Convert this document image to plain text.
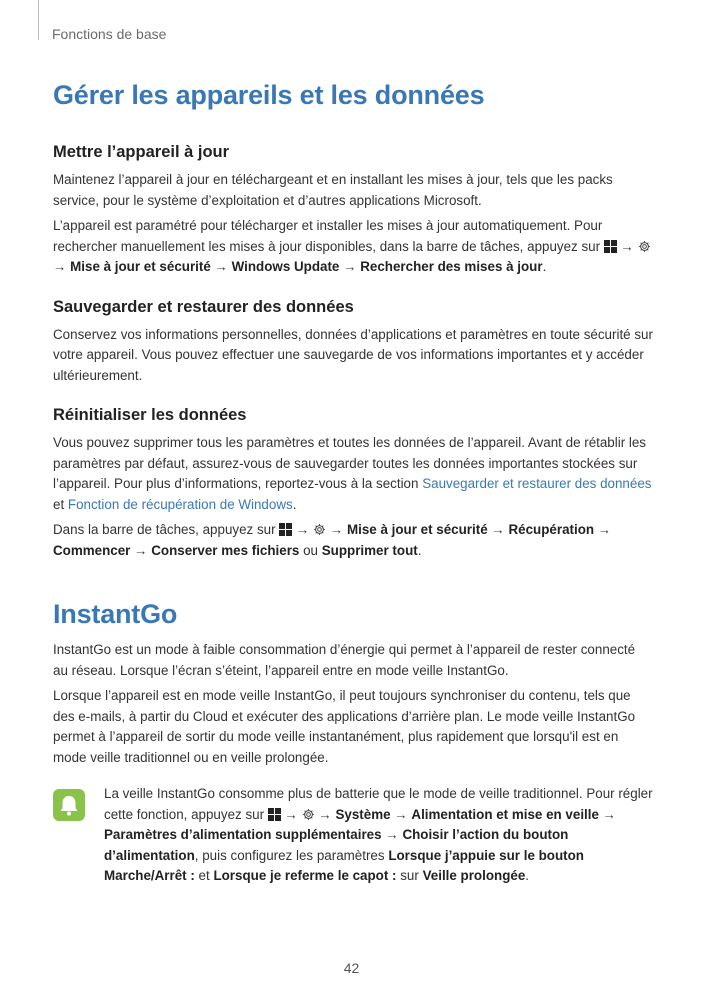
Fonctions de base
Gérer les appareils et les données
Mettre l’appareil à jour

Maintenez l’appareil à jour en téléchargeant et en installant les mises à jour, tels que les packs service, pour le système d’exploitation et d’autres applications Microsoft.

L’appareil est paramétré pour télécharger et installer les mises à jour automatiquement. Pour rechercher manuellement les mises à jour disponibles, dans la barre de tâches, appuyez sur  →  → Mise à jour et sécurité → Windows Update → Rechercher des mises à jour.

Sauvegarder et restaurer des données

Conservez vos informations personnelles, données d’applications et paramètres en toute sécurité sur votre appareil. Vous pouvez effectuer une sauvegarde de vos informations importantes et y accéder ultérieurement.

Réinitialiser les données

Vous pouvez supprimer tous les paramètres et toutes les données de l’appareil. Avant de rétablir les paramètres par défaut, assurez-vous de sauvegarder toutes les données importantes stockées sur l’appareil. Pour plus d’informations, reportez-vous à la section Sauvegarder et restaurer des données et Fonction de récupération de Windows.

Dans la barre de tâches, appuyez sur  →  → Mise à jour et sécurité → Récupération → Commencer → Conserver mes fichiers ou Supprimer tout.

InstantGo

InstantGo est un mode à faible consommation d’énergie qui permet à l’appareil de rester connecté au réseau. Lorsque l’écran s’éteint, l’appareil entre en mode veille InstantGo.

Lorsque l’appareil est en mode veille InstantGo, il peut toujours synchroniser du contenu, tels que des e-mails, à partir du Cloud et exécuter des applications d’arrière plan. Le mode veille InstantGo permet à l’appareil de sortir du mode veille instantanément, plus rapidement que lorsqu'il est en mode veille traditionnel ou en veille prolongée.

La veille InstantGo consomme plus de batterie que le mode de veille traditionnel. Pour régler cette fonction, appuyez sur  →  → Système → Alimentation et mise en veille → Paramètres d’alimentation supplémentaires → Choisir l’action du bouton d’alimentation, puis configurez les paramètres Lorsque j’appuie sur le bouton Marche/Arrêt : et Lorsque je referme le capot : sur Veille prolongée.

42
